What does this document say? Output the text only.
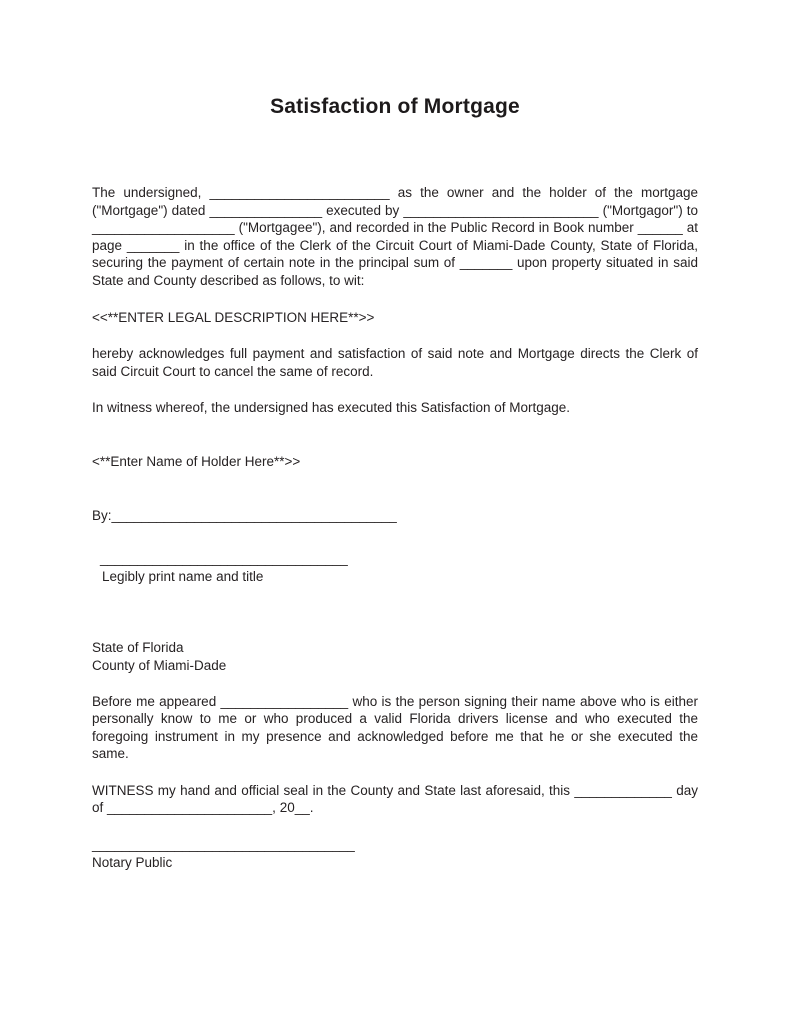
Satisfaction of Mortgage

The undersigned, ________________________ as the owner and the holder of the mortgage ("Mortgage") dated _______________ executed by __________________________ ("Mortgagor") to ___________________ ("Mortgagee"), and recorded in the Public Record in Book number ______ at page _______ in the office of the Clerk of the Circuit Court of Miami-Dade County, State of Florida, securing the payment of certain note in the principal sum of _______ upon property situated in said State and County described as follows, to wit:

<<**ENTER LEGAL DESCRIPTION HERE**>>

hereby acknowledges full payment and satisfaction of said note and Mortgage directs the Clerk of said Circuit Court to cancel the same of record.

In witness whereof, the undersigned has executed this Satisfaction of Mortgage.

<**Enter Name of Holder Here**>>

By:______________________________________

_________________________________

Legibly print name and title

State of Florida

County of Miami-Dade

Before me appeared _________________ who is the person signing their name above who is either personally know to me or who produced a valid Florida drivers license and who executed the foregoing instrument in my presence and acknowledged before me that he or she executed the same.

WITNESS my hand and official seal in the County and State last aforesaid, this _____________ day of ______________________, 20__.

___________________________________

Notary Public
